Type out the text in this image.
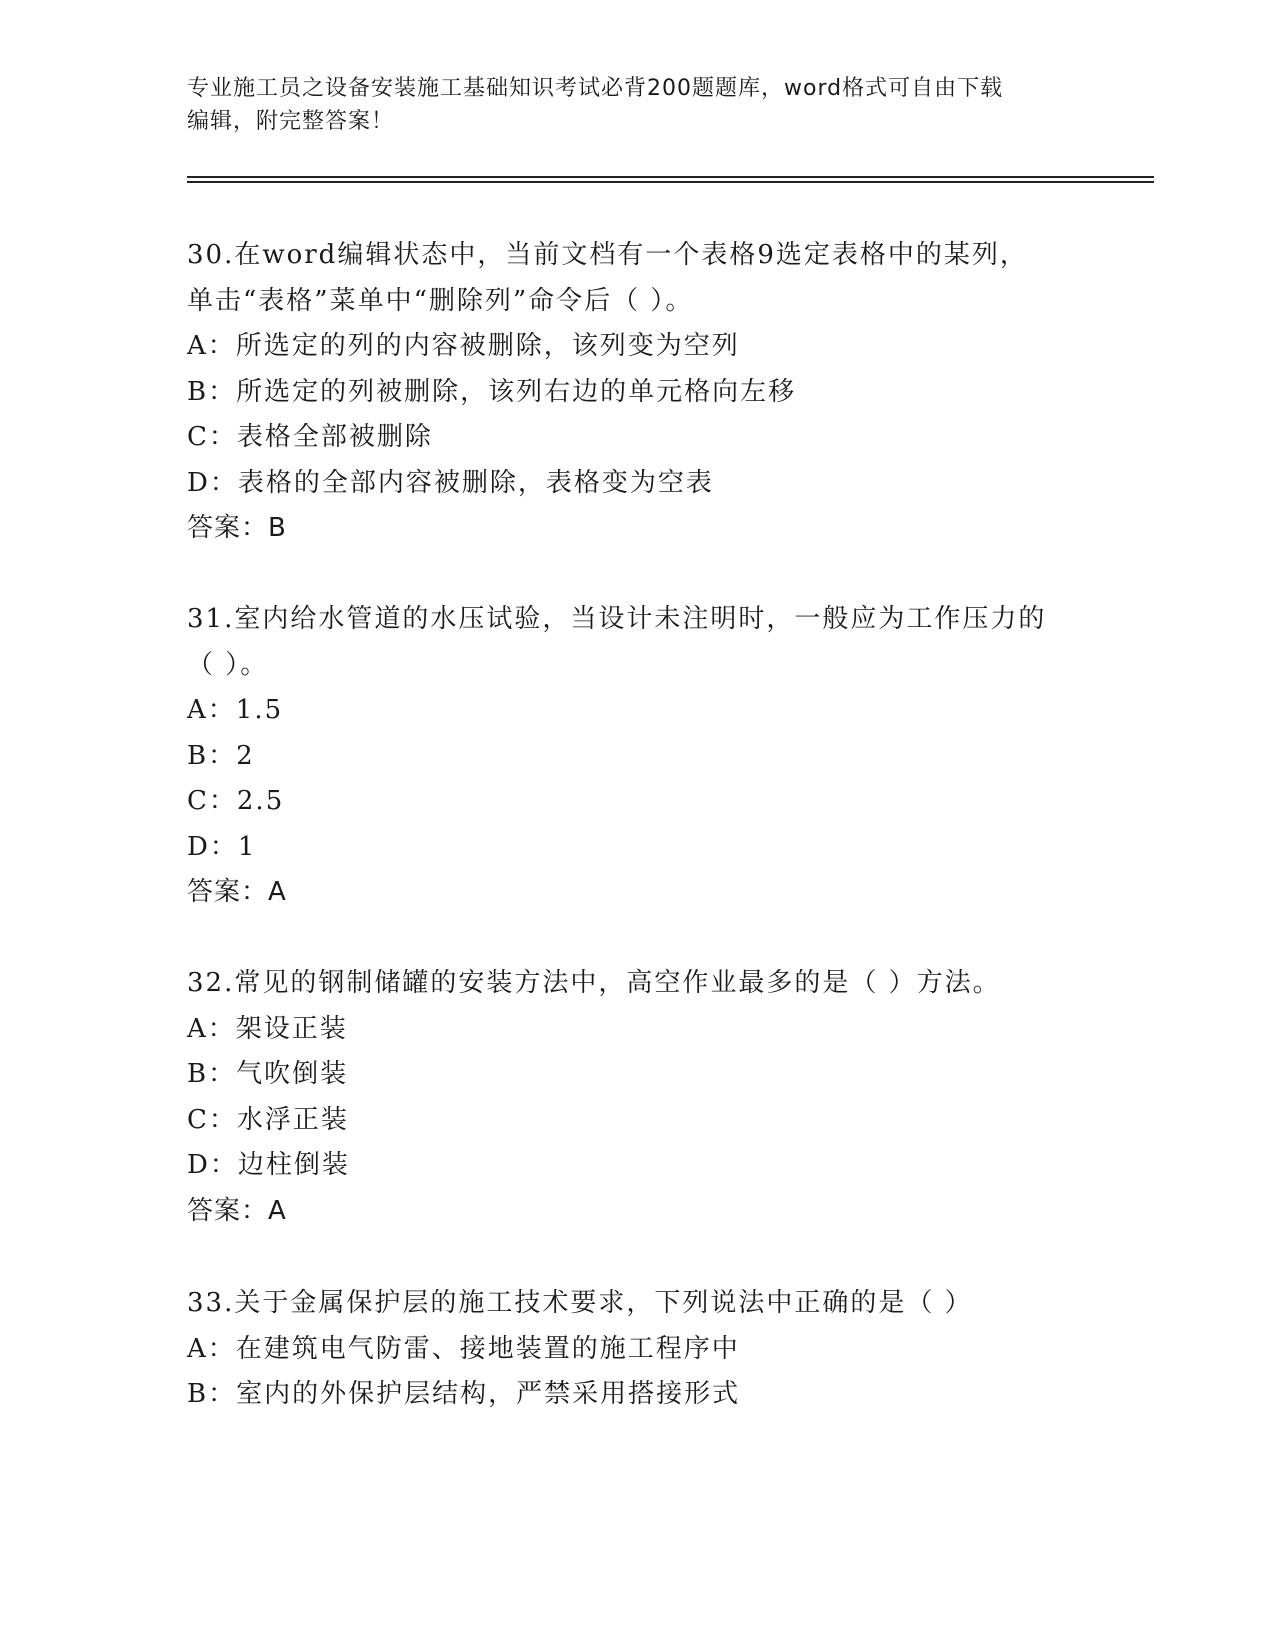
专业施工员之设备安装施工基础知识考试必背200题题库，word格式可自由下载
编辑，附完整答案！
30.在word编辑状态中，当前文档有一个表格9选定表格中的某列，
单击“表格”菜单中“删除列”命令后（ ）。
A：所选定的列的内容被删除，该列变为空列
B：所选定的列被删除，该列右边的单元格向左移
C：表格全部被删除
D：表格的全部内容被删除，表格变为空表
答案：B
31.室内给水管道的水压试验，当设计未注明时，一般应为工作压力的
（ ）。
A：1.5
B：2
C：2.5
D：1
答案：A
32.常见的钢制储罐的安装方法中，高空作业最多的是（ ）方法。
A：架设正装
B：气吹倒装
C：水浮正装
D：边柱倒装
答案：A
33.关于金属保护层的施工技术要求，下列说法中正确的是（ ）
A：在建筑电气防雷、接地装置的施工程序中
B：室内的外保护层结构，严禁采用搭接形式
